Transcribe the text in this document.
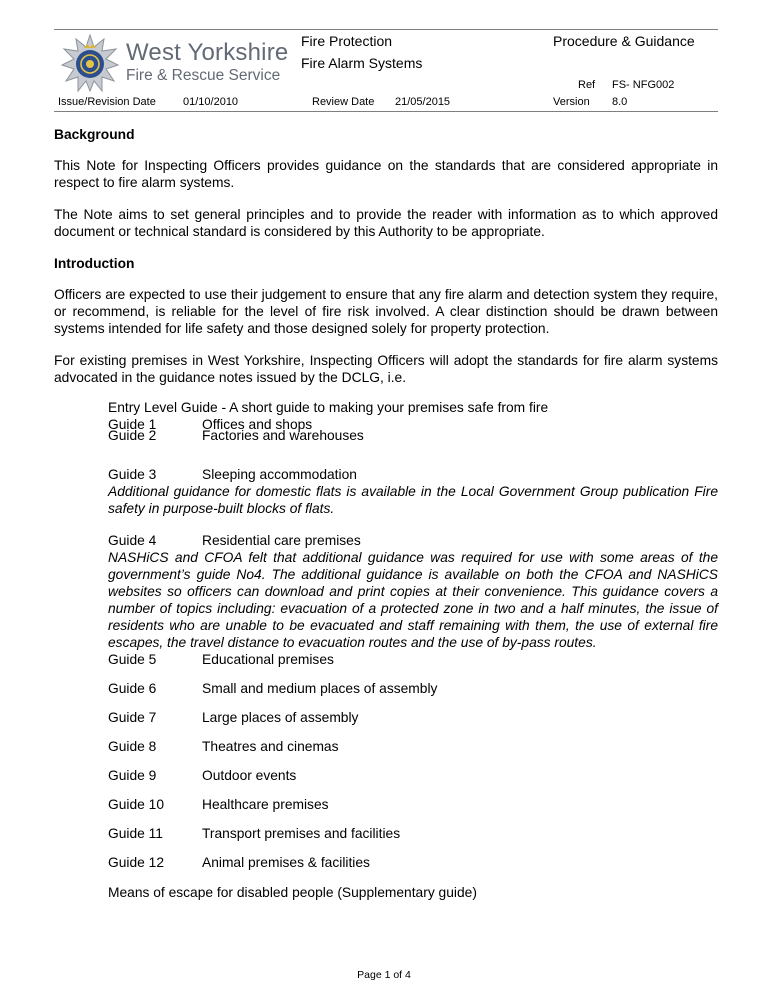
West Yorkshire
Fire & Rescue Service
Fire Protection
Fire Alarm Systems
Procedure & Guidance
Ref FS- NFG002
Issue/Revision Date 01/10/2010	Review Date 21/05/2015	Version 8.0
Background
This Note for Inspecting Officers provides guidance on the standards that are considered appropriate in respect to fire alarm systems.
The Note aims to set general principles and to provide the reader with information as to which approved document or technical standard is considered by this Authority to be appropriate.
Introduction
Officers are expected to use their judgement to ensure that any fire alarm and detection system they require, or recommend, is reliable for the level of fire risk involved. A clear distinction should be drawn between systems intended for life safety and those designed solely for property protection.
For existing premises in West Yorkshire, Inspecting Officers will adopt the standards for fire alarm systems advocated in the guidance notes issued by the DCLG, i.e.
Entry Level Guide - A short guide to making your premises safe from fire
Guide 1	Offices and shops
Guide 2	Factories and warehouses
Guide 3	Sleeping accommodation
Additional guidance for domestic flats is available in the Local Government Group publication Fire safety in purpose-built blocks of flats.
Guide 4	Residential care premises
NASHiCS and CFOA felt that additional guidance was required for use with some areas of the government’s guide No4. The additional guidance is available on both the CFOA and NASHiCS websites so officers can download and print copies at their convenience. This guidance covers a number of topics including: evacuation of a protected zone in two and a half minutes, the issue of residents who are unable to be evacuated and staff remaining with them, the use of external fire escapes, the travel distance to evacuation routes and the use of by-pass routes.
Guide 5	Educational premises
Guide 6	Small and medium places of assembly
Guide 7	Large places of assembly
Guide 8	Theatres and cinemas
Guide 9	Outdoor events
Guide 10	Healthcare premises
Guide 11	Transport premises and facilities
Guide 12	Animal premises & facilities
Means of escape for disabled people (Supplementary guide)
Page 1 of 4
